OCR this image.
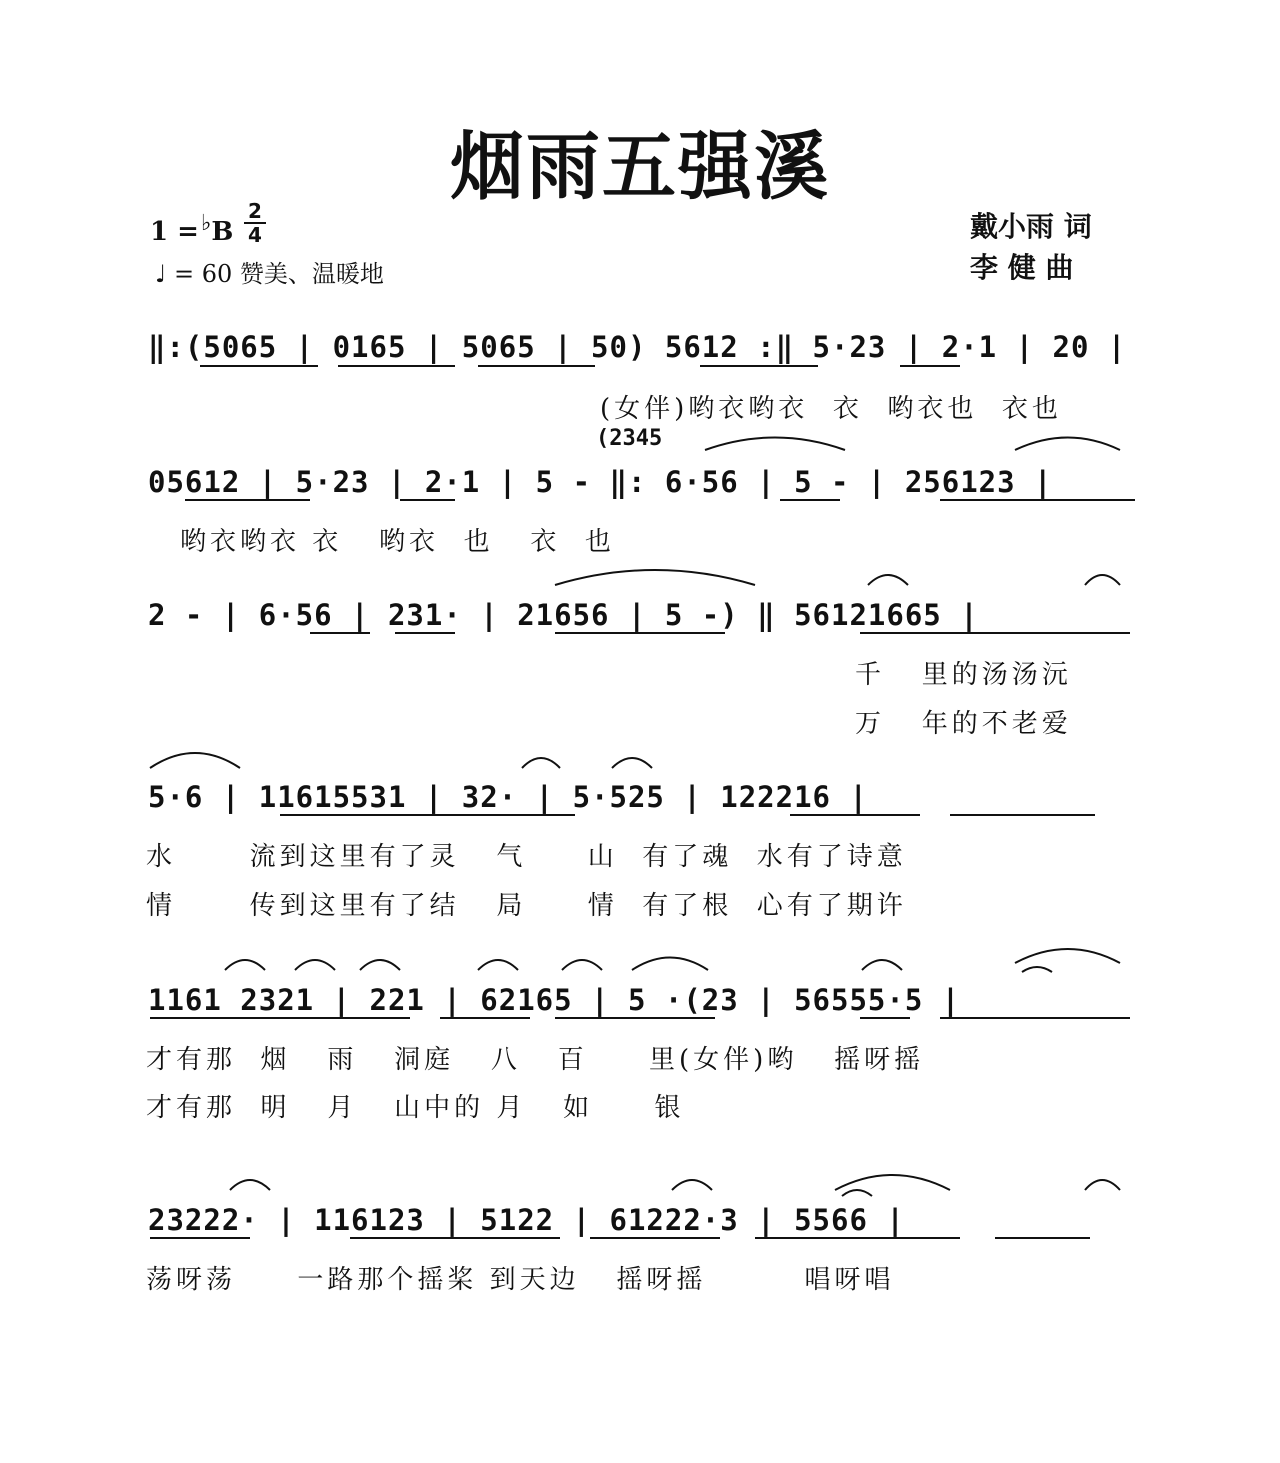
烟雨五强溪
1 =♭B
2
4
♩ = 60 赞美、温暖地
戴小雨 词
李 健 曲
‖:(5065 | 0165 | 5065 | 50) 5612 :‖ 5·23 | 2·1 | 20 |
(女伴)哟衣哟衣  衣  哟衣也  衣也
(2345
05612 | 5·23 | 2·1 | 5 - ‖: 6·56 | 5 - | 256123 |
哟衣哟衣 衣   哟衣  也   衣  也
2 - | 6·56 | 231· | 21656 | 5 -) ‖ 56121665 |
千   里的汤汤沅
万   年的不老爱
5·6 | 11615531 | 32· | 5·525 | 122216 |
水      流到这里有了灵   气     山  有了魂  水有了诗意
情      传到这里有了结   局     情  有了根  心有了期许
1161 2321 | 221 | 62165 | 5 ·(23 | 56555·5 |
才有那  烟   雨   洞庭   八   百     里(女伴)哟   摇呀摇
才有那  明   月   山中的 月   如     银
23222· | 116123 | 5122 | 61222·3 | 5566 |
荡呀荡     一路那个摇桨 到天边   摇呀摇        唱呀唱
